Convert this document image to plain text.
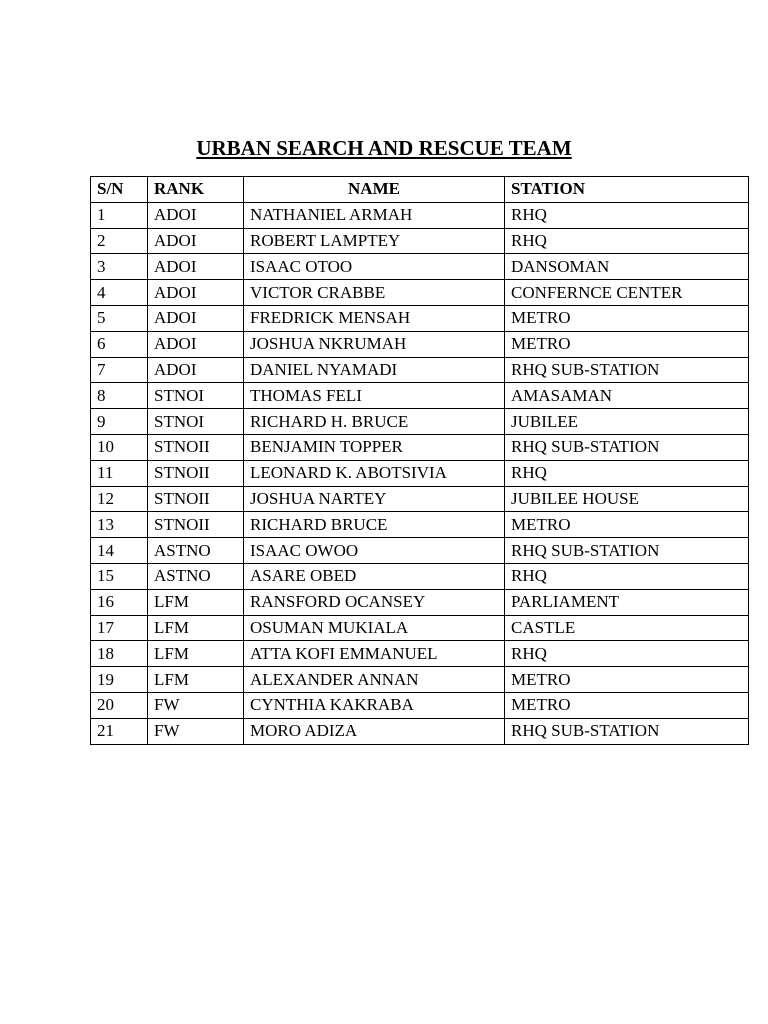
URBAN SEARCH AND RESCUE TEAM
S/N	RANK	NAME	STATION
1	ADOI	NATHANIEL ARMAH	RHQ
2	ADOI	ROBERT LAMPTEY	RHQ
3	ADOI	ISAAC OTOO	DANSOMAN
4	ADOI	VICTOR CRABBE	CONFERNCE CENTER
5	ADOI	FREDRICK MENSAH	METRO
6	ADOI	JOSHUA NKRUMAH	METRO
7	ADOI	DANIEL NYAMADI	RHQ SUB-STATION
8	STNOI	THOMAS FELI	AMASAMAN
9	STNOI	RICHARD H. BRUCE	JUBILEE
10	STNOII	BENJAMIN TOPPER	RHQ SUB-STATION
11	STNOII	LEONARD K. ABOTSIVIA	RHQ
12	STNOII	JOSHUA NARTEY	JUBILEE HOUSE
13	STNOII	RICHARD BRUCE	METRO
14	ASTNO	ISAAC OWOO	RHQ SUB-STATION
15	ASTNO	ASARE OBED	RHQ
16	LFM	RANSFORD OCANSEY	PARLIAMENT
17	LFM	OSUMAN MUKIALA	CASTLE
18	LFM	ATTA KOFI EMMANUEL	RHQ
19	LFM	ALEXANDER ANNAN	METRO
20	FW	CYNTHIA KAKRABA	METRO
21	FW	MORO ADIZA	RHQ SUB-STATION
